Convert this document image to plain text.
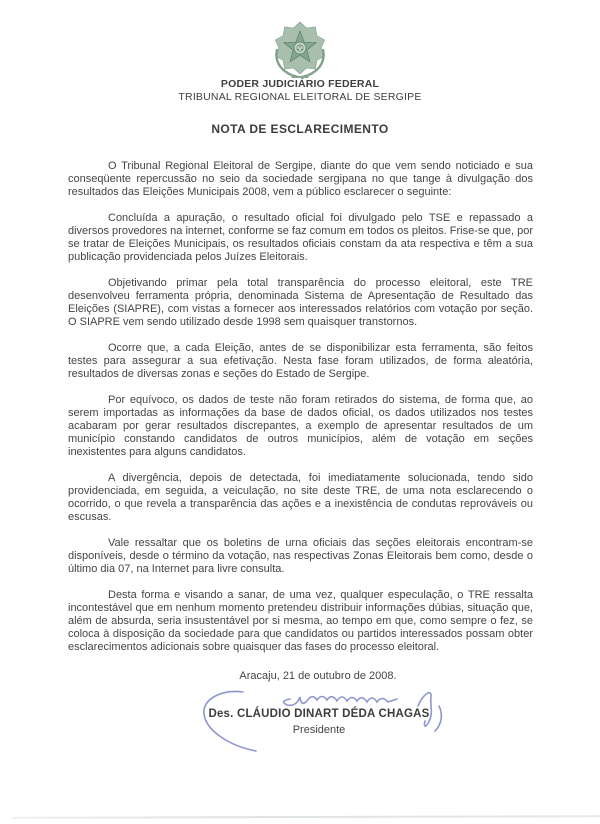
PODER JUDICIÁRIO FEDERAL
TRIBUNAL REGIONAL ELEITORAL DE SERGIPE
NOTA DE ESCLARECIMENTO

O Tribunal Regional Eleitoral de Sergipe, diante do que vem sendo noticiado e sua conseqüente repercussão no seio da sociedade sergipana no que tange à divulgação dos resultados das Eleições Municipais 2008, vem a público esclarecer o seguinte:

Concluída a apuração, o resultado oficial foi divulgado pelo TSE e repassado a diversos provedores na internet, conforme se faz comum em todos os pleitos. Frise-se que, por se tratar de Eleições Municipais, os resultados oficiais constam da ata respectiva e têm a sua publicação providenciada pelos Juízes Eleitorais.

Objetivando primar pela total transparência do processo eleitoral, este TRE desenvolveu ferramenta própria, denominada Sistema de Apresentação de Resultado das Eleições (SIAPRE), com vistas a fornecer aos interessados relatórios com votação por seção. O SIAPRE vem sendo utilizado desde 1998 sem quaisquer transtornos.

Ocorre que, a cada Eleição, antes de se disponibilizar esta ferramenta, são feitos testes para assegurar a sua efetivação. Nesta fase foram utilizados, de forma aleatória, resultados de diversas zonas e seções do Estado de Sergipe.

Por equívoco, os dados de teste não foram retirados do sistema, de forma que, ao serem importadas as informações da base de dados oficial, os dados utilizados nos testes acabaram por gerar resultados discrepantes, a exemplo de apresentar resultados de um município constando candidatos de outros municípios, além de votação em seções inexistentes para alguns candidatos.

A divergência, depois de detectada, foi imediatamente solucionada, tendo sido providenciada, em seguida, a veiculação, no site deste TRE, de uma nota esclarecendo o ocorrido, o que revela a transparência das ações e a inexistência de condutas reprováveis ou escusas.

Vale ressaltar que os boletins de urna oficiais das seções eleitorais encontram-se disponíveis, desde o término da votação, nas respectivas Zonas Eleitorais bem como, desde o último dia 07, na Internet para livre consulta.

Desta forma e visando a sanar, de uma vez, qualquer especulação, o TRE ressalta incontestável que em nenhum momento pretendeu distribuir informações dúbias, situação que, além de absurda, seria insustentável por si mesma, ao tempo em que, como sempre o fez, se coloca à disposição da sociedade para que candidatos ou partidos interessados possam obter esclarecimentos adicionais sobre quaisquer das fases do processo eleitoral.

Aracaju, 21 de outubro de 2008.
Des. CLÁUDIO DINART DÉDA CHAGAS
Presidente
